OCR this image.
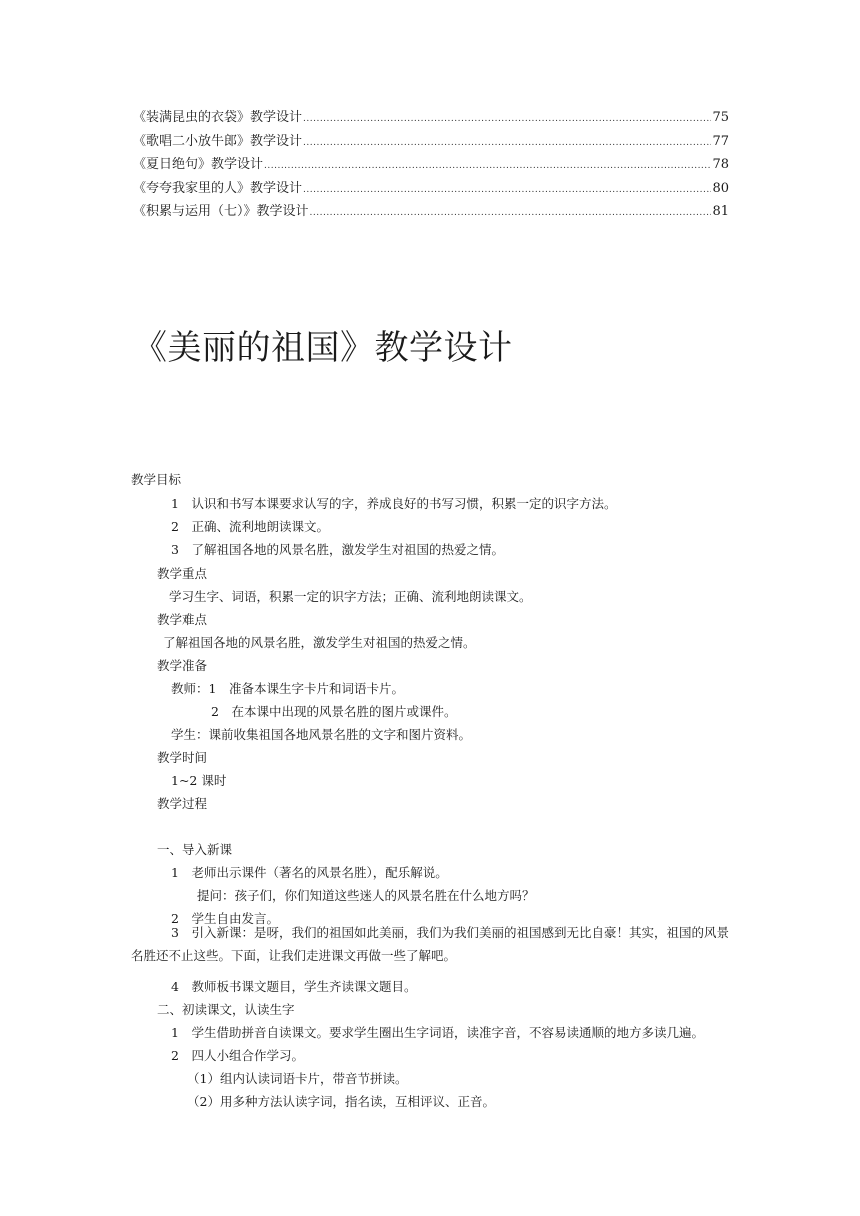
《装满昆虫的衣袋》教学设计 .....	75
《歌唱二小放牛郎》教学设计 .....	77
《夏日绝句》教学设计 .....	78
《夸夸我家里的人》教学设计 .....	80
《积累与运用（七）》教学设计 .....	81
《美丽的祖国》教学设计
教学目标
1　认识和书写本课要求认写的字，养成良好的书写习惯，积累一定的识字方法。
2　正确、流利地朗读课文。
3　了解祖国各地的风景名胜，激发学生对祖国的热爱之情。
教学重点
学习生字、词语，积累一定的识字方法；正确、流利地朗读课文。
教学难点
了解祖国各地的风景名胜，激发学生对祖国的热爱之情。
教学准备
教师：1　准备本课生字卡片和词语卡片。
2　在本课中出现的风景名胜的图片或课件。
学生：课前收集祖国各地风景名胜的文字和图片资料。
教学时间
1~2 课时
教学过程
一、导入新课
1　老师出示课件（著名的风景名胜），配乐解说。
提问：孩子们，你们知道这些迷人的风景名胜在什么地方吗？
2　学生自由发言。
3　引入新课：是呀，我们的祖国如此美丽，我们为我们美丽的祖国感到无比自豪！其实，祖国的风景名胜还不止这些。下面，让我们走进课文再做一些了解吧。
4　教师板书课文题目，学生齐读课文题目。
二、初读课文，认读生字
1　学生借助拼音自读课文。要求学生圈出生字词语，读准字音，不容易读通顺的地方多读几遍。
2　四人小组合作学习。
（1）组内认读词语卡片，带音节拼读。
（2）用多种方法认读字词，指名读，互相评议、正音。
